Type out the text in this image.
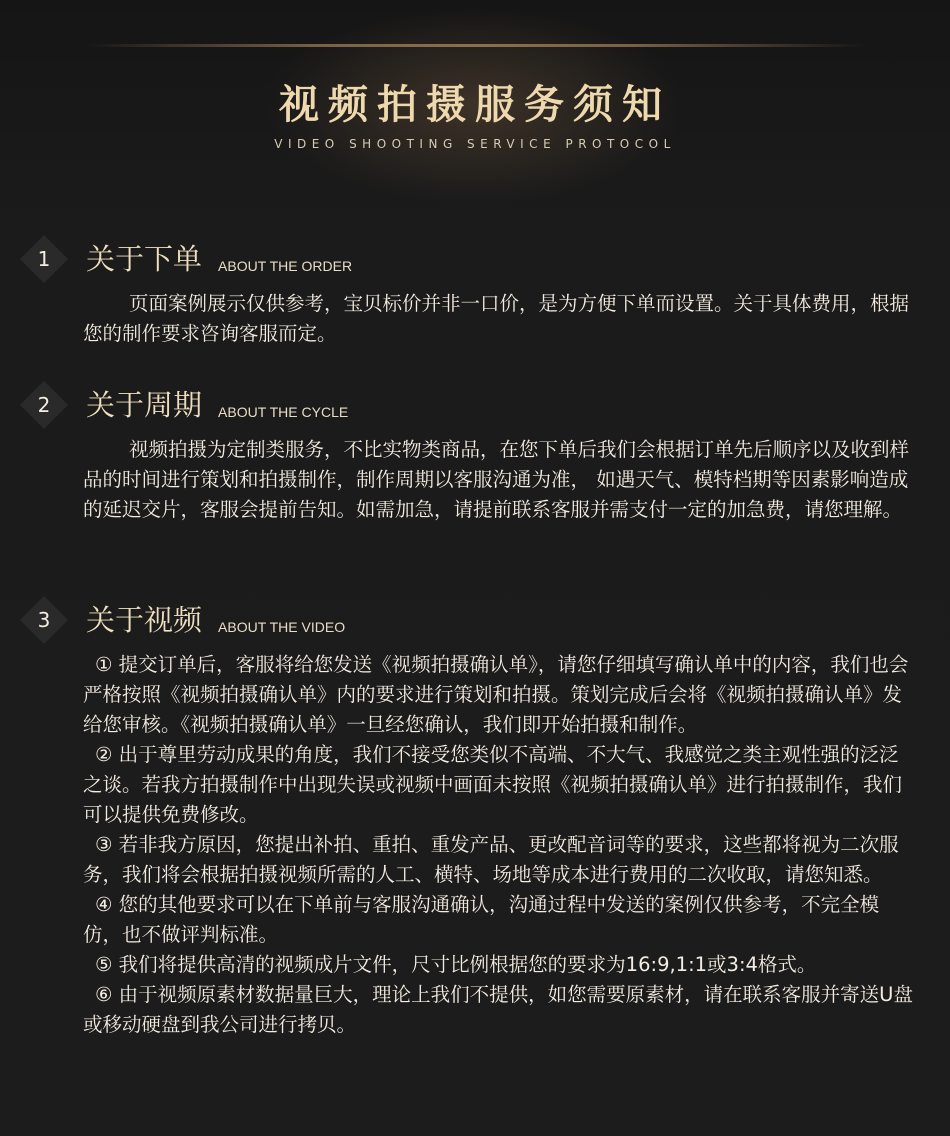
视频拍摄服务须知
VIDEO SHOOTING SERVICE PROTOCOL
1	关于下单 ABOUT THE ORDER

页面案例展示仅供参考，宝贝标价并非一口价，是为方便下单而设置。关于具体费用，根据您的制作要求咨询客服而定。

2	关于周期 ABOUT THE CYCLE

视频拍摄为定制类服务，不比实物类商品，在您下单后我们会根据订单先后顺序以及收到样品的时间进行策划和拍摄制作，制作周期以客服沟通为准， 如遇天气、模特档期等因素影响造成的延迟交片，客服会提前告知。如需加急，请提前联系客服并需支付一定的加急费，请您理解。

3	关于视频 ABOUT THE VIDEO

① 提交订单后，客服将给您发送《视频拍摄确认单》，请您仔细填写确认单中的内容，我们也会严格按照《视频拍摄确认单》内的要求进行策划和拍摄。策划完成后会将《视频拍摄确认单》发给您审核。《视频拍摄确认单》一旦经您确认，我们即开始拍摄和制作。

② 出于尊里劳动成果的角度，我们不接受您类似不高端、不大气、我感觉之类主观性强的泛泛之谈。若我方拍摄制作中出现失误或视频中画面未按照《视频拍摄确认单》进行拍摄制作，我们可以提供免费修改。

③ 若非我方原因，您提出补拍、重拍、重发产品、更改配音词等的要求，这些都将视为二次服务，我们将会根据拍摄视频所需的人工、横特、场地等成本进行费用的二次收取，请您知悉。

④ 您的其他要求可以在下单前与客服沟通确认，沟通过程中发送的案例仅供参考，不完全模仿，也不做评判标准。

⑤ 我们将提供高清的视频成片文件，尺寸比例根据您的要求为16:9,1:1或3:4格式。

⑥ 由于视频原素材数据量巨大，理论上我们不提供，如您需要原素材，请在联系客服并寄送U盘或移动硬盘到我公司进行拷贝。
